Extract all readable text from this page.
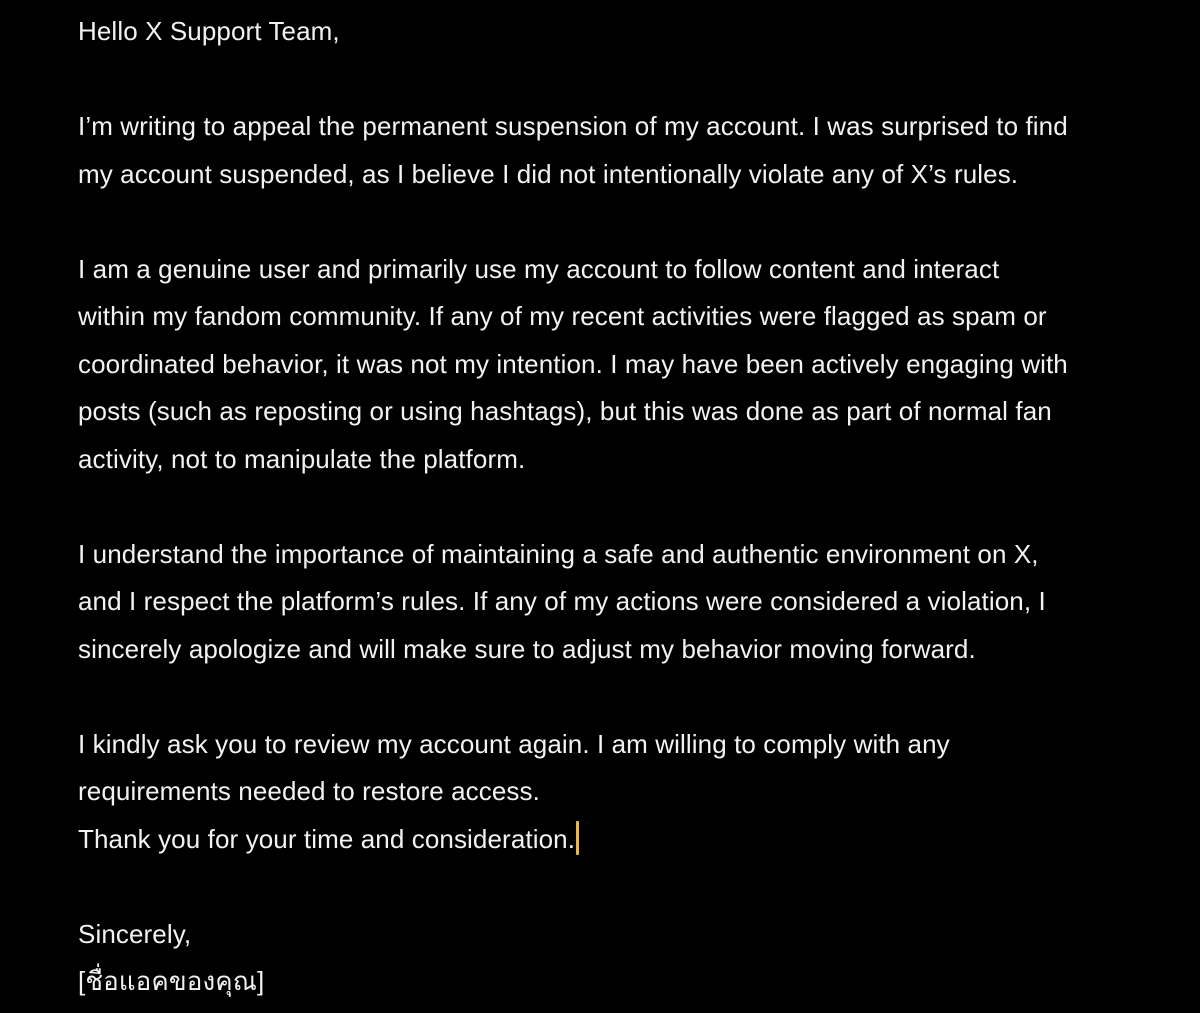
Hello X Support Team,
I’m writing to appeal the permanent suspension of my account. I was surprised to find
my account suspended, as I believe I did not intentionally violate any of X’s rules.
I am a genuine user and primarily use my account to follow content and interact
within my fandom community. If any of my recent activities were flagged as spam or
coordinated behavior, it was not my intention. I may have been actively engaging with
posts (such as reposting or using hashtags), but this was done as part of normal fan
activity, not to manipulate the platform.
I understand the importance of maintaining a safe and authentic environment on X,
and I respect the platform’s rules. If any of my actions were considered a violation, I
sincerely apologize and will make sure to adjust my behavior moving forward.
I kindly ask you to review my account again. I am willing to comply with any
requirements needed to restore access.
Thank you for your time and consideration.
Sincerely,
[ชื่อแอคของคุณ]
